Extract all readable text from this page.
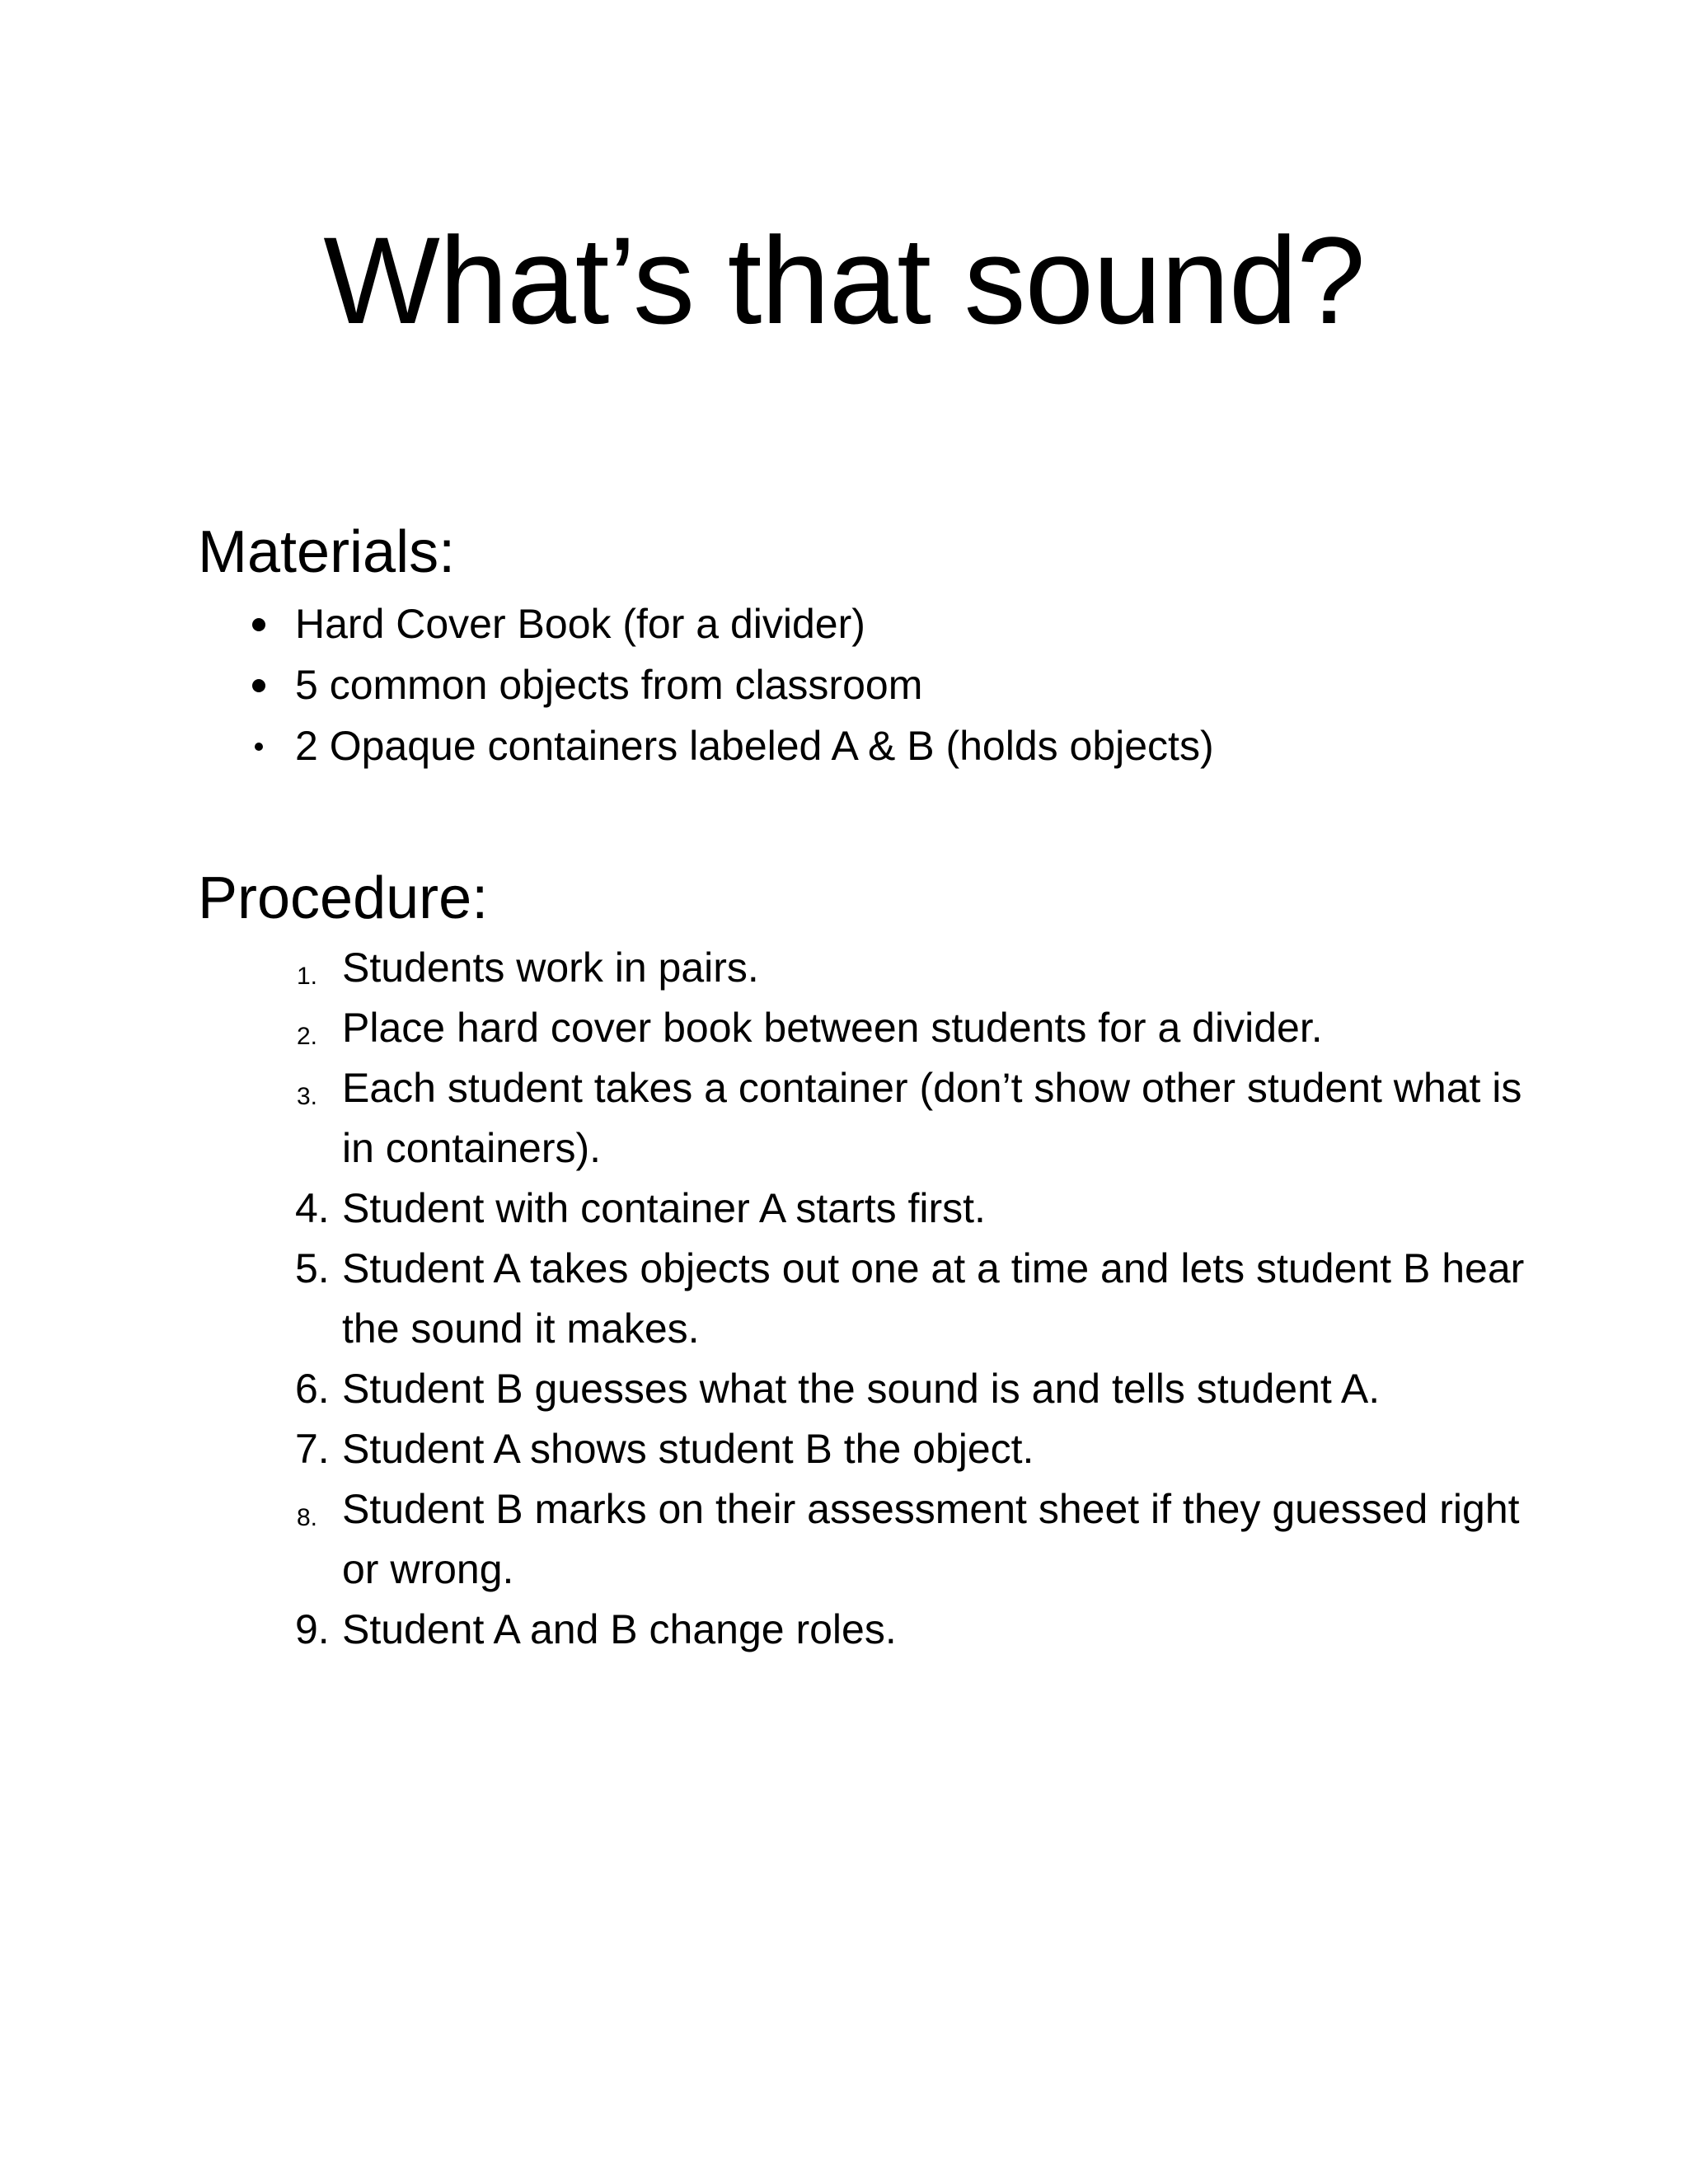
What’s that sound?
Materials:
Hard Cover Book (for a divider)
5 common objects from classroom
2 Opaque containers labeled A & B (holds objects)
Procedure:
1. Students work in pairs.
2. Place hard cover book between students for a divider.
3. Each student takes a container (don’t show other student what is in containers).
4. Student with container A starts first.
5. Student A takes objects out one at a time and lets student B hear the sound it makes.
6. Student B guesses what the sound is and tells student A.
7. Student A shows student B the object.
8. Student B marks on their assessment sheet if they guessed right or wrong.
9. Student A and B change roles.
